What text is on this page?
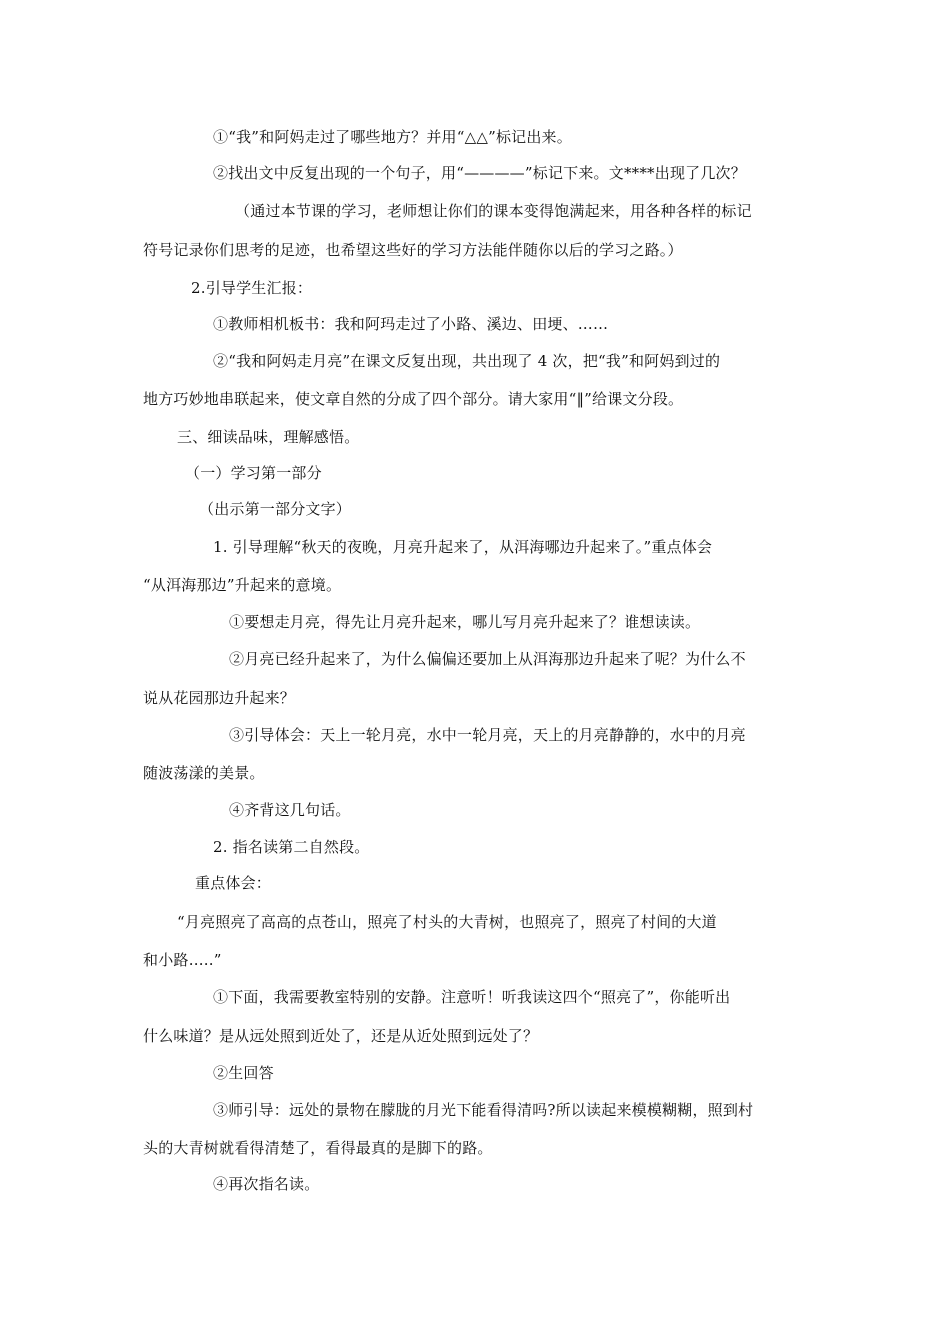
①“我”和阿妈走过了哪些地方？并用“△△”标记出来。
②找出文中反复出现的一个句子，用“————”标记下来。文****出现了几次？
（通过本节课的学习，老师想让你们的课本变得饱满起来，用各种各样的标记
符号记录你们思考的足迹，也希望这些好的学习方法能伴随你以后的学习之路。）
2.引导学生汇报：
①教师相机板书：我和阿玛走过了小路、溪边、田埂、……
②“我和阿妈走月亮”在课文反复出现，共出现了 4 次，把“我”和阿妈到过的
地方巧妙地串联起来，使文章自然的分成了四个部分。请大家用“‖”给课文分段。
三、细读品味，理解感悟。
（一）学习第一部分
（出示第一部分文字）
1. 引导理解“秋天的夜晚，月亮升起来了，从洱海哪边升起来了。”重点体会
“从洱海那边”升起来的意境。
①要想走月亮，得先让月亮升起来，哪儿写月亮升起来了？谁想读读。
②月亮已经升起来了，为什么偏偏还要加上从洱海那边升起来了呢？为什么不
说从花园那边升起来？
③引导体会：天上一轮月亮，水中一轮月亮，天上的月亮静静的，水中的月亮
随波荡漾的美景。
④齐背这几句话。
2. 指名读第二自然段。
重点体会：
“月亮照亮了高高的点苍山，照亮了村头的大青树，也照亮了，照亮了村间的大道
和小路…..”
①下面，我需要教室特别的安静。注意听！听我读这四个“照亮了”，你能听出
什么味道？是从远处照到近处了，还是从近处照到远处了？
②生回答
③师引导：远处的景物在朦胧的月光下能看得清吗?所以读起来模模糊糊，照到村
头的大青树就看得清楚了，看得最真的是脚下的路。
④再次指名读。
